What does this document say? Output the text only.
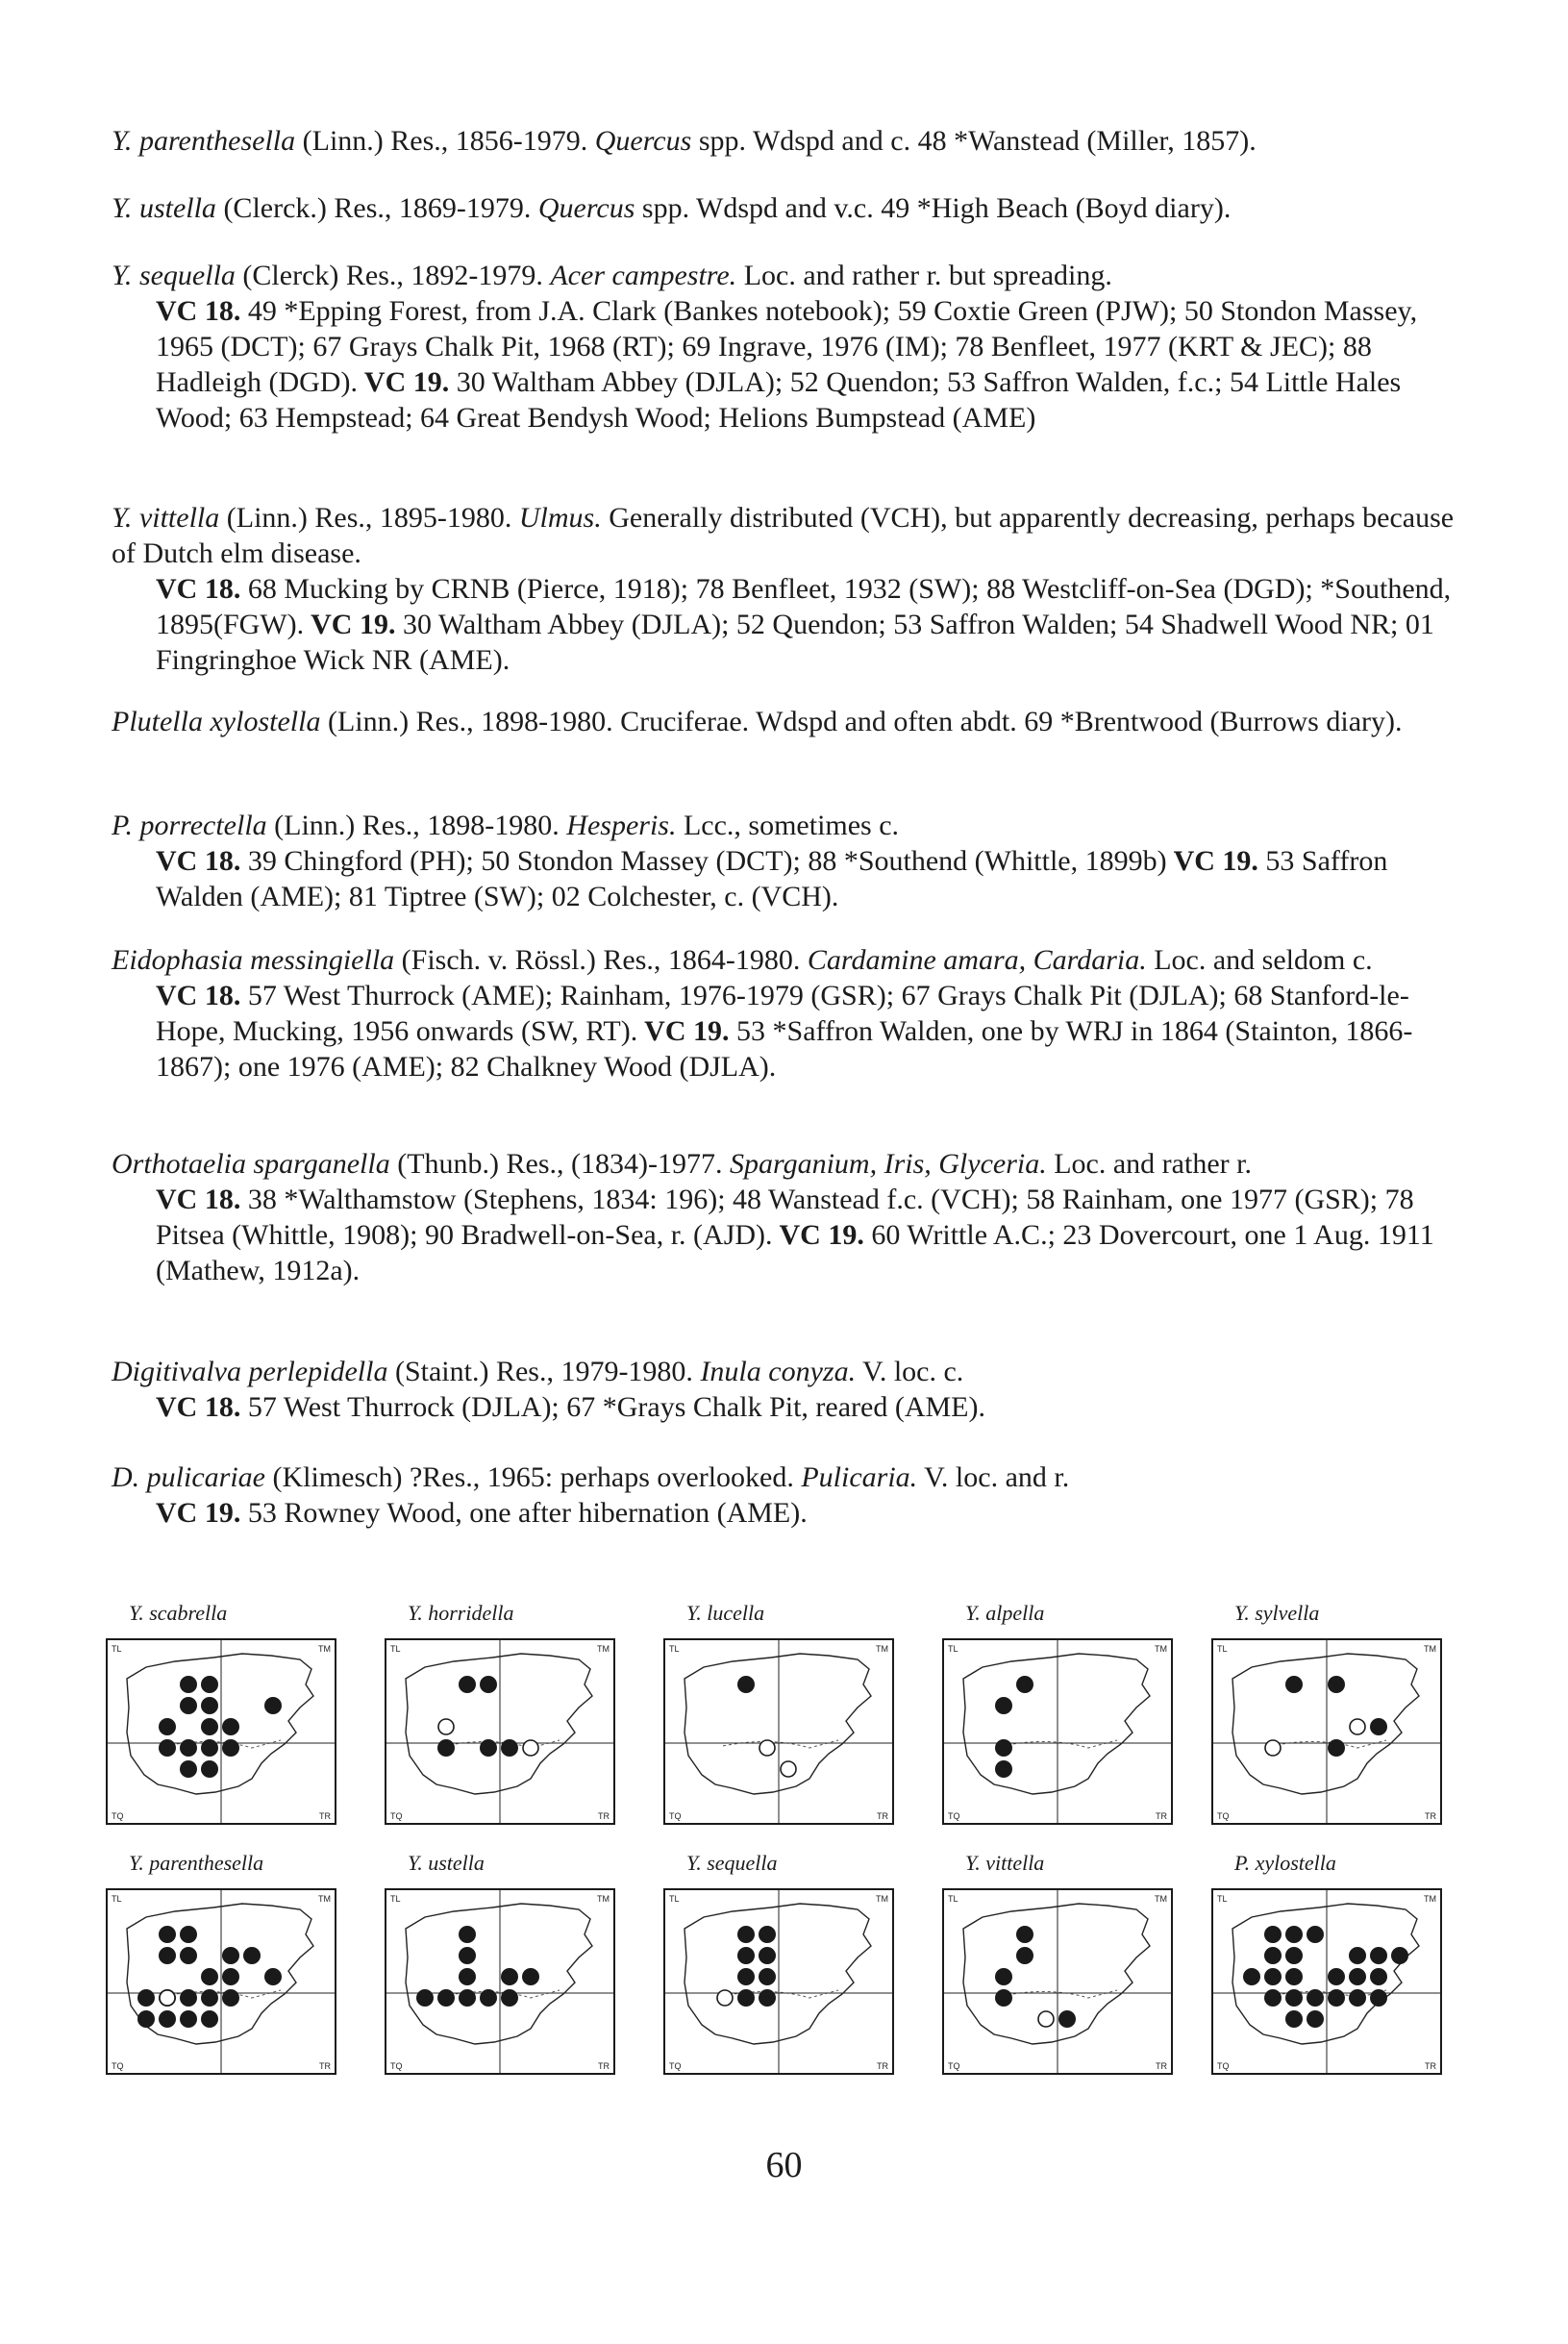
Y. parenthesella (Linn.) Res., 1856-1979. Quercus spp. Wdspd and c. 48 *Wanstead (Miller, 1857).

Y. ustella (Clerck.) Res., 1869-1979. Quercus spp. Wdspd and v.c. 49 *High Beach (Boyd diary).

Y. sequella (Clerck) Res., 1892-1979. Acer campestre. Loc. and rather r. but spreading.

VC 18. 49 *Epping Forest, from J.A. Clark (Bankes notebook); 59 Coxtie Green (PJW); 50 Stondon Massey, 1965 (DCT); 67 Grays Chalk Pit, 1968 (RT); 69 Ingrave, 1976 (IM); 78 Benfleet, 1977 (KRT & JEC); 88 Hadleigh (DGD). VC 19. 30 Waltham Abbey (DJLA); 52 Quendon; 53 Saffron Walden, f.c.; 54 Little Hales Wood; 63 Hempstead; 64 Great Bendysh Wood; Helions Bumpstead (AME)

Y. vittella (Linn.) Res., 1895-1980. Ulmus. Generally distributed (VCH), but apparently decreasing, perhaps because of Dutch elm disease.

VC 18. 68 Mucking by CRNB (Pierce, 1918); 78 Benfleet, 1932 (SW); 88 Westcliff-on-Sea (DGD); *Southend, 1895(FGW). VC 19. 30 Waltham Abbey (DJLA); 52 Quendon; 53 Saffron Walden; 54 Shadwell Wood NR; 01 Fingringhoe Wick NR (AME).

Plutella xylostella (Linn.) Res., 1898-1980. Cruciferae. Wdspd and often abdt. 69 *Brentwood (Burrows diary).

P. porrectella (Linn.) Res., 1898-1980. Hesperis. Lcc., sometimes c.

VC 18. 39 Chingford (PH); 50 Stondon Massey (DCT); 88 *Southend (Whittle, 1899b) VC 19. 53 Saffron Walden (AME); 81 Tiptree (SW); 02 Colchester, c. (VCH).

Eidophasia messingiella (Fisch. v. Rössl.) Res., 1864-1980. Cardamine amara, Cardaria. Loc. and seldom c.

VC 18. 57 West Thurrock (AME); Rainham, 1976-1979 (GSR); 67 Grays Chalk Pit (DJLA); 68 Stanford-le-Hope, Mucking, 1956 onwards (SW, RT). VC 19. 53 *Saffron Walden, one by WRJ in 1864 (Stainton, 1866-1867); one 1976 (AME); 82 Chalkney Wood (DJLA).

Orthotaelia sparganella (Thunb.) Res., (1834)-1977. Sparganium, Iris, Glyceria. Loc. and rather r.

VC 18. 38 *Walthamstow (Stephens, 1834: 196); 48 Wanstead f.c. (VCH); 58 Rainham, one 1977 (GSR); 78 Pitsea (Whittle, 1908); 90 Bradwell-on-Sea, r. (AJD). VC 19. 60 Writtle A.C.; 23 Dovercourt, one 1 Aug. 1911 (Mathew, 1912a).

Digitivalva perlepidella (Staint.) Res., 1979-1980. Inula conyza. V. loc. c.

VC 18. 57 West Thurrock (DJLA); 67 *Grays Chalk Pit, reared (AME).

D. pulicariae (Klimesch) ?Res., 1965: perhaps overlooked. Pulicaria. V. loc. and r.

VC 19. 53 Rowney Wood, one after hibernation (AME).

Y. scabrella
TL	TM
TQ	TR
Y. horridella
TL	TM
TQ	TR
Y. lucella
TL	TM
TQ	TR
Y. alpella
TL	TM
TQ	TR
Y. sylvella
TL	TM
TQ	TR
Y. parenthesella
TL	TM
TQ	TR
Y. ustella
TL	TM
TQ	TR
Y. sequella
TL	TM
TQ	TR
Y. vittella
TL	TM
TQ	TR
P. xylostella
TL	TM
TQ	TR
60
